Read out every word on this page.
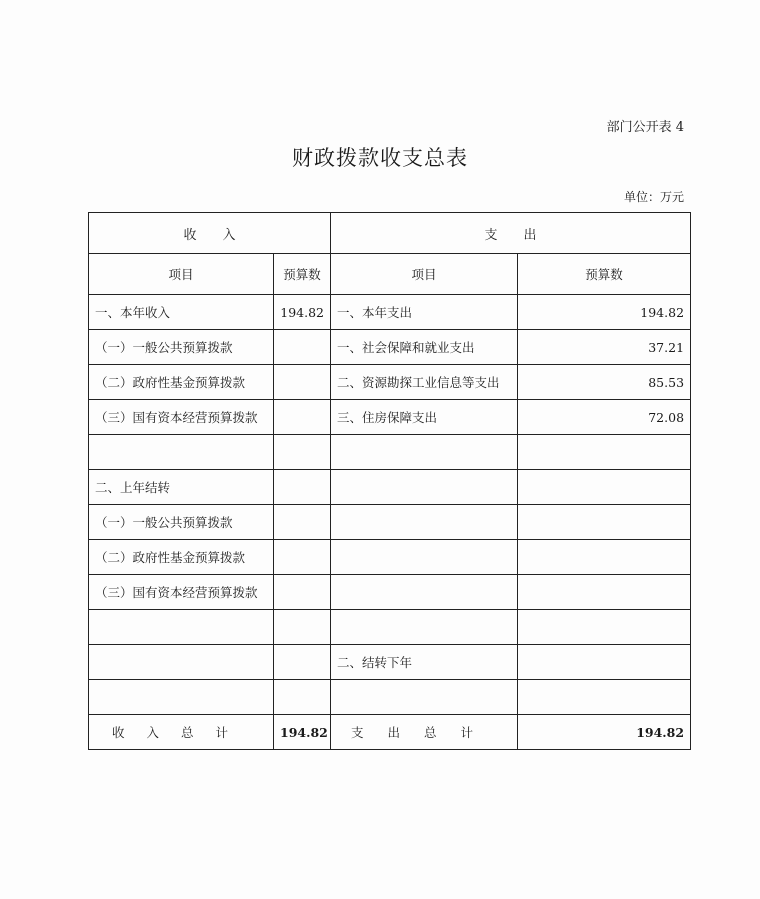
部门公开表 4
财政拨款收支总表
单位：万元
收　　入		支　　出	
项目	预算数	项目	预算数
一、本年收入	194.82	一、本年支出	194.82
（一）一般公共预算拨款		一、社会保障和就业支出	37.21
（二）政府性基金预算拨款		二、资源勘探工业信息等支出	85.53
（三）国有资本经营预算拨款		三、住房保障支出	72.08

二、上年结转			
（一）一般公共预算拨款			
（二）政府性基金预算拨款			
（三）国有资本经营预算拨款			

		二、结转下年	

收入总计	194.82	支出总计	194.82
